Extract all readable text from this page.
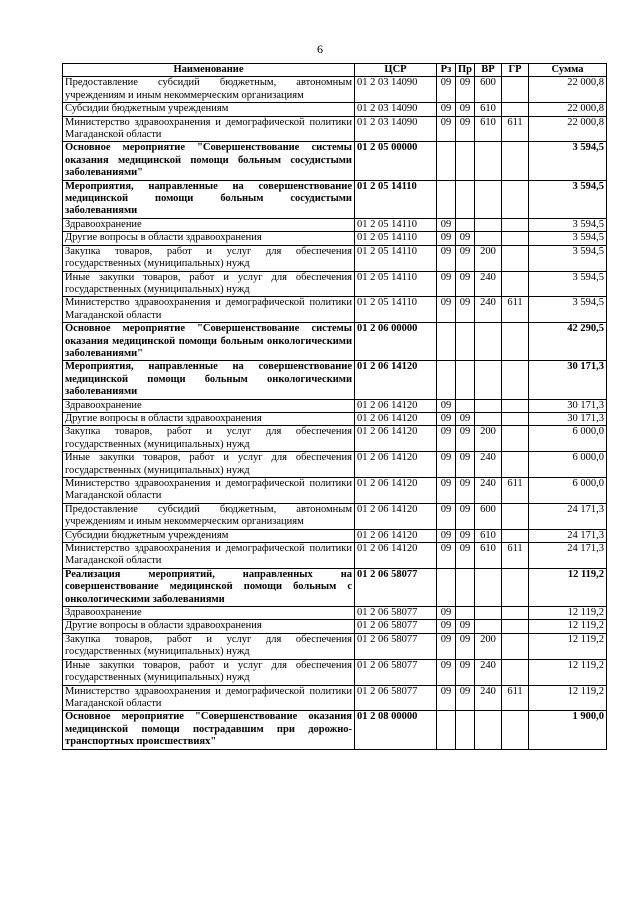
6
Наименование	ЦСР	Рз	Пр	ВР	ГР	Сумма
Предоставление субсидий бюджетным, автономным учреждениям и иным некоммерческим организациям	01 2 03 14090	09	09	600		22 000,8
Субсидии бюджетным учреждениям	01 2 03 14090	09	09	610		22 000,8
Министерство здравоохранения и демографической политики Магаданской области	01 2 03 14090	09	09	610	611	22 000,8
Основное мероприятие "Совершенствование системы оказания медицинской помощи больным сосудистыми заболеваниями"	01 2 05 00000					3 594,5
Мероприятия, направленные на совершенствование медицинской помощи больным сосудистыми заболеваниями	01 2 05 14110					3 594,5
Здравоохранение	01 2 05 14110	09				3 594,5
Другие вопросы в области здравоохранения	01 2 05 14110	09	09			3 594,5
Закупка товаров, работ и услуг для обеспечения государственных (муниципальных) нужд	01 2 05 14110	09	09	200		3 594,5
Иные закупки товаров, работ и услуг для обеспечения государственных (муниципальных) нужд	01 2 05 14110	09	09	240		3 594,5
Министерство здравоохранения и демографической политики Магаданской области	01 2 05 14110	09	09	240	611	3 594,5
Основное мероприятие "Совершенствование системы оказания медицинской помощи больным онкологическими заболеваниями"	01 2 06 00000					42 290,5
Мероприятия, направленные на совершенствование медицинской помощи больным онкологическими заболеваниями	01 2 06 14120					30 171,3
Здравоохранение	01 2 06 14120	09				30 171,3
Другие вопросы в области здравоохранения	01 2 06 14120	09	09			30 171,3
Закупка товаров, работ и услуг для обеспечения государственных (муниципальных) нужд	01 2 06 14120	09	09	200		6 000,0
Иные закупки товаров, работ и услуг для обеспечения государственных (муниципальных) нужд	01 2 06 14120	09	09	240		6 000,0
Министерство здравоохранения и демографической политики Магаданской области	01 2 06 14120	09	09	240	611	6 000,0
Предоставление субсидий бюджетным, автономным учреждениям и иным некоммерческим организациям	01 2 06 14120	09	09	600		24 171,3
Субсидии бюджетным учреждениям	01 2 06 14120	09	09	610		24 171,3
Министерство здравоохранения и демографической политики Магаданской области	01 2 06 14120	09	09	610	611	24 171,3
Реализация мероприятий, направленных на совершенствование медицинской помощи больным с онкологическими заболеваниями	01 2 06 58077					12 119,2
Здравоохранение	01 2 06 58077	09				12 119,2
Другие вопросы в области здравоохранения	01 2 06 58077	09	09			12 119,2
Закупка товаров, работ и услуг для обеспечения государственных (муниципальных) нужд	01 2 06 58077	09	09	200		12 119,2
Иные закупки товаров, работ и услуг для обеспечения государственных (муниципальных) нужд	01 2 06 58077	09	09	240		12 119,2
Министерство здравоохранения и демографической политики Магаданской области	01 2 06 58077	09	09	240	611	12 119,2
Основное мероприятие "Совершенствование оказания медицинской помощи пострадавшим при дорожно-транспортных происшествиях"	01 2 08 00000					1 900,0
